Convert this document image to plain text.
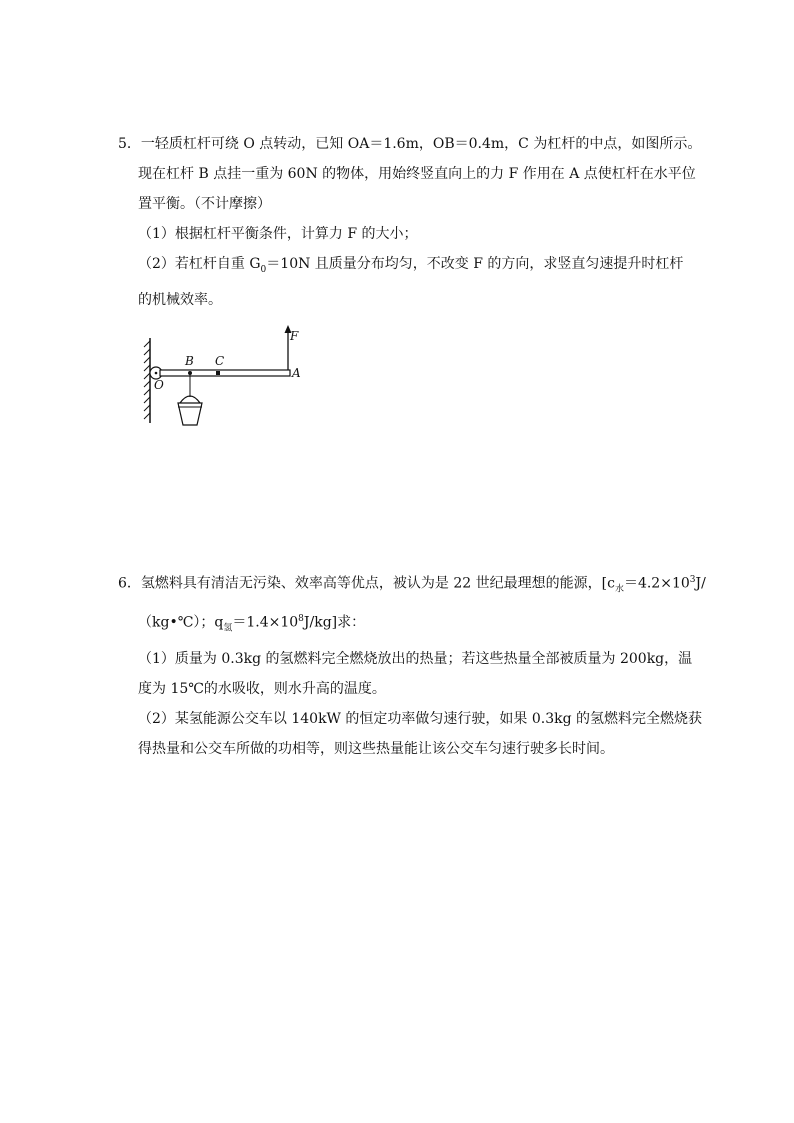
5．一轻质杠杆可绕 O 点转动，已知 OA＝1.6m，OB＝0.4m，C 为杠杆的中点，如图所示。
现在杠杆 B 点挂一重为 60N 的物体，用始终竖直向上的力 F 作用在 A 点使杠杆在水平位
置平衡。（不计摩擦）
（1）根据杠杆平衡条件，计算力 F 的大小；
（2）若杠杆自重 $G_0=10N$ 且质量分布均匀，不改变 F 的方向，求竖直匀速提升时杠杆
的机械效率。
F
A
B C
O
6．氢燃料具有清洁无污染、效率高等优点，被认为是 22 世纪最理想的能源，[$c_水=4.2\times 10^3J/$
（kg•℃）；$q_氢=1.4\times 10^8J/kg$]求：
（1）质量为 0.3kg 的氢燃料完全燃烧放出的热量；若这些热量全部被质量为 200kg，温
度为 15℃的水吸收，则水升高的温度。
（2）某氢能源公交车以 140kW 的恒定功率做匀速行驶，如果 0.3kg 的氢燃料完全燃烧获
得热量和公交车所做的功相等，则这些热量能让该公交车匀速行驶多长时间。
